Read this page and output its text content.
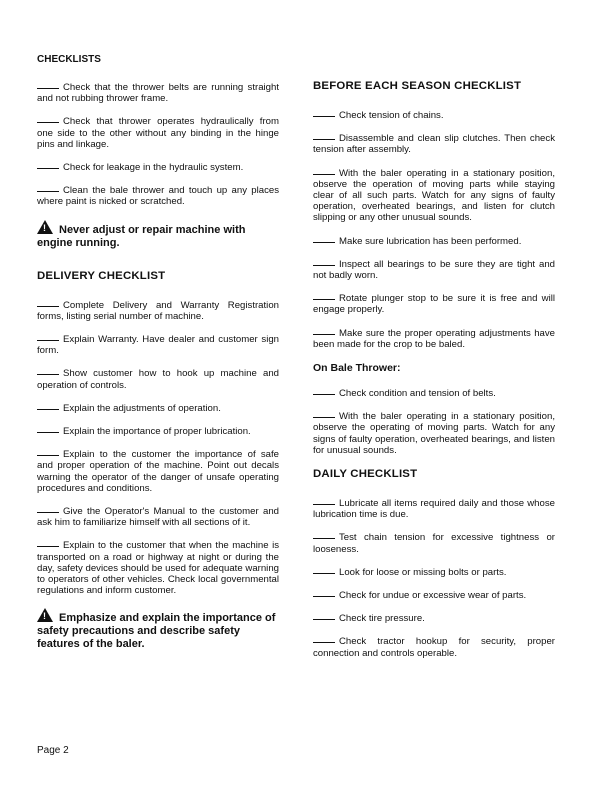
CHECKLISTS
Check that the thrower belts are running straight and not rubbing thrower frame.
Check that thrower operates hydraulically from one side to the other without any binding in the hinge pins and linkage.
Check for leakage in the hydraulic system.
Clean the bale thrower and touch up any places where paint is nicked or scratched.
! Never adjust or repair machine with engine running.
DELIVERY CHECKLIST
Complete Delivery and Warranty Registration forms, listing serial number of machine.
Explain Warranty. Have dealer and customer sign form.
Show customer how to hook up machine and operation of controls.
Explain the adjustments of operation.
Explain the importance of proper lubrication.
Explain to the customer the importance of safe and proper operation of the machine. Point out decals warning the operator of the danger of unsafe operating procedures and conditions.
Give the Operator's Manual to the customer and ask him to familiarize himself with all sections of it.
Explain to the customer that when the machine is transported on a road or highway at night or during the day, safety devices should be used for adequate warning to operators of other vehicles. Check local governmental regulations and inform customer.
! Emphasize and explain the importance of safety precautions and describe safety features of the baler.
BEFORE EACH SEASON CHECKLIST
Check tension of chains.
Disassemble and clean slip clutches. Then check tension after assembly.
With the baler operating in a stationary position, observe the operation of moving parts while staying clear of all such parts. Watch for any signs of faulty operation, overheated bearings, and listen for clutch slipping or any other unusual sounds.
Make sure lubrication has been performed.
Inspect all bearings to be sure they are tight and not badly worn.
Rotate plunger stop to be sure it is free and will engage properly.
Make sure the proper operating adjustments have been made for the crop to be baled.
On Bale Thrower:
Check condition and tension of belts.
With the baler operating in a stationary position, observe the operating of moving parts. Watch for any signs of faulty operation, overheated bearings, and listen for unusual sounds.
DAILY CHECKLIST
Lubricate all items required daily and those whose lubrication time is due.
Test chain tension for excessive tightness or looseness.
Look for loose or missing bolts or parts.
Check for undue or excessive wear of parts.
Check tire pressure.
Check tractor hookup for security, proper connection and controls operable.
Page 2
